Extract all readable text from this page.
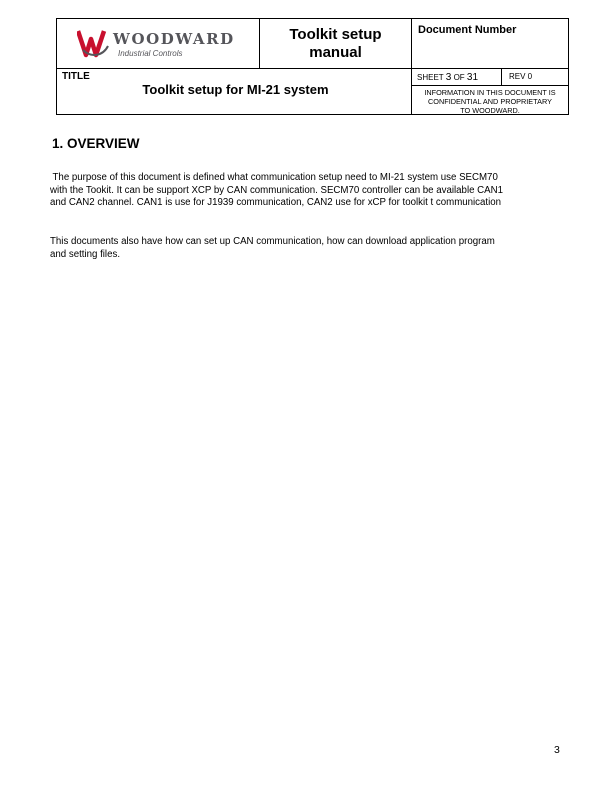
WOODWARD
Industrial Controls
Toolkit setup
manual
Document Number
TITLE
Toolkit setup for MI-21 system
SHEET 3 OF 31	REV 0
INFORMATION IN THIS DOCUMENT IS
CONFIDENTIAL AND PROPRIETARY
TO WOODWARD.
1. OVERVIEW
The purpose of this document is defined what communication setup need to MI-21 system use SECM70
with the Tookit. It can be support XCP by CAN communication. SECM70 controller can be available CAN1
and CAN2 channel. CAN1 is use for J1939 communication, CAN2 use for xCP for toolkit t communication
This documents also have how can set up CAN communication, how can download application program
and setting files.
3
